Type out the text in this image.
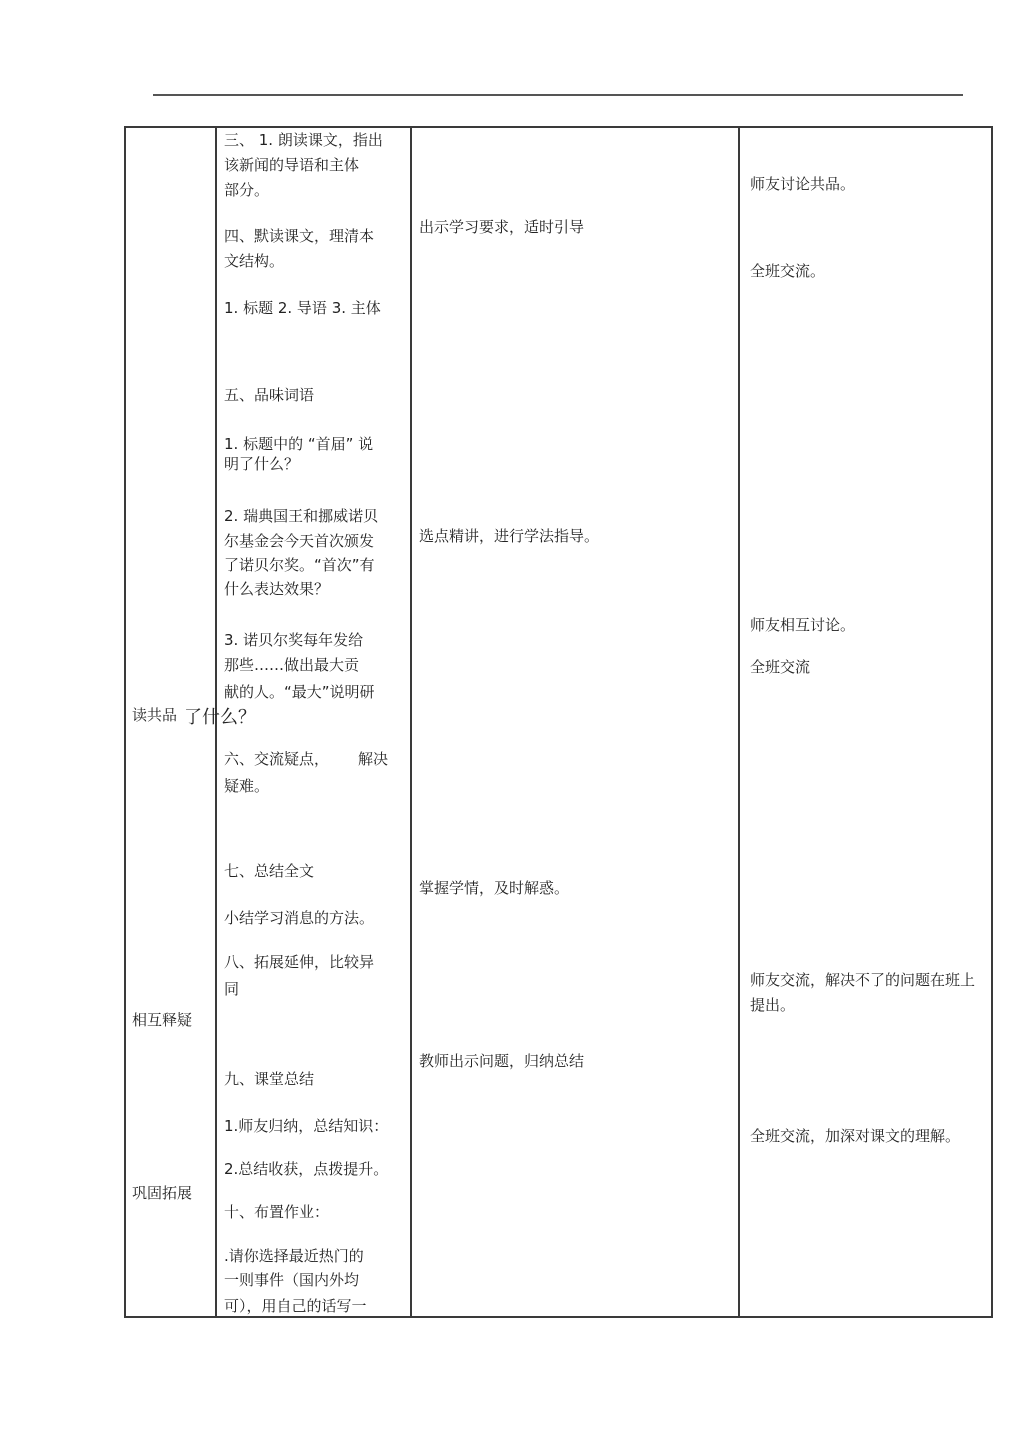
读共品
相互释疑
巩固拓展
三、 1. 朗读课文，指出
该新闻的导语和主体
部分。
四、默读课文，理清本
文结构。
1. 标题 2. 导语 3. 主体
五、品味词语
1. 标题中的 “首届” 说
明了什么？
2. 瑞典国王和挪威诺贝
尔基金会今天首次颁发
了诺贝尔奖。“首次”有
什么表达效果？
3. 诺贝尔奖每年发给
那些……做出最大贡
献的人。“最大”说明研
了什么？
六、交流疑点， 解决
疑难。
七、总结全文
小结学习消息的方法。
八、拓展延伸，比较异
同
九、课堂总结
1.师友归纳，总结知识：
2.总结收获，点拨提升。
十、布置作业：
.请你选择最近热门的
一则事件（国内外均
可），用自己的话写一
出示学习要求，适时引导
选点精讲，进行学法指导。
掌握学情，及时解惑。
教师出示问题，归纳总结
师友讨论共品。
全班交流。
师友相互讨论。
全班交流
师友交流，解决不了的问题在班上提出。
全班交流，加深对课文的理解。
